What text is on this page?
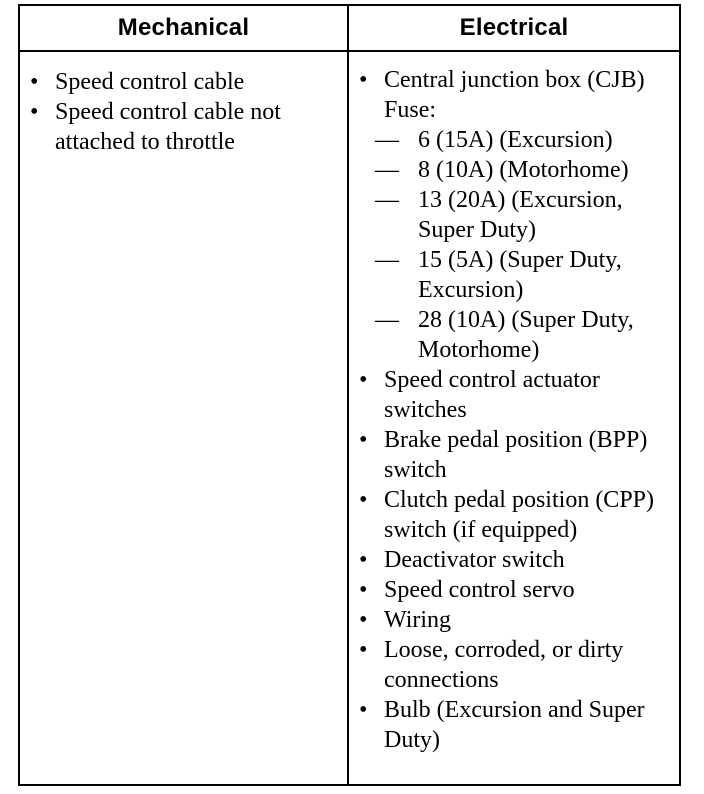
Mechanical	Electrical
• Speed control cable
• Speed control cable not attached to throttle
• Central junction box (CJB) Fuse:
— 6 (15A) (Excursion)
— 8 (10A) (Motorhome)
— 13 (20A) (Excursion, Super Duty)
— 15 (5A) (Super Duty, Excursion)
— 28 (10A) (Super Duty, Motorhome)
• Speed control actuator switches
• Brake pedal position (BPP) switch
• Clutch pedal position (CPP) switch (if equipped)
• Deactivator switch
• Speed control servo
• Wiring
• Loose, corroded, or dirty connections
• Bulb (Excursion and Super Duty)
